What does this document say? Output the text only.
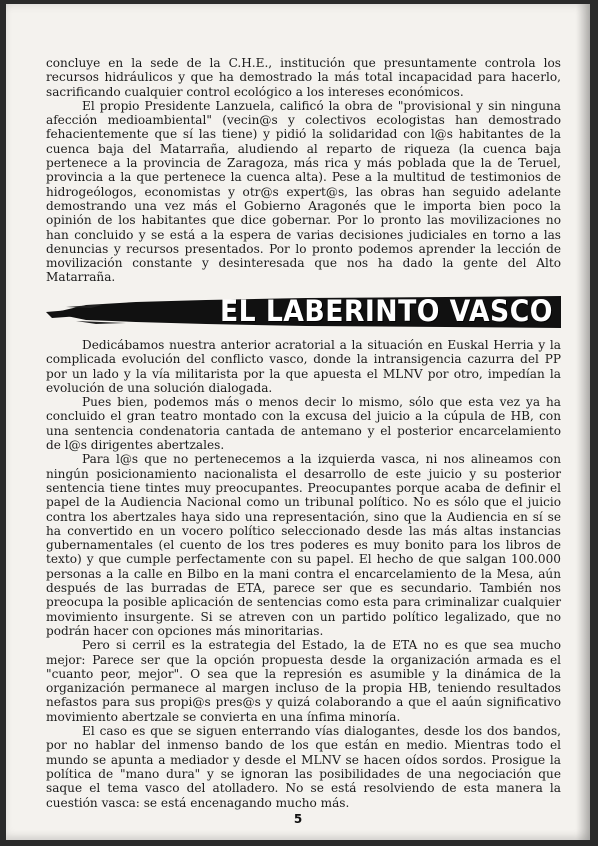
concluye en la sede de la C.H.E., institución que presuntamente controla los recursos hidráulicos y que ha demostrado la más total incapacidad para hacerlo, sacrificando cualquier control ecológico a los intereses económicos.

El propio Presidente Lanzuela, calificó la obra de "provisional y sin ninguna afección medioambiental" (vecin@s y colectivos ecologistas han demostrado fehacientemente que sí las tiene) y pidió la solidaridad con l@s habitantes de la cuenca baja del Matarraña, aludiendo al reparto de riqueza (la cuenca baja pertenece a la provincia de Zaragoza, más rica y más poblada que la de Teruel, provincia a la que pertenece la cuenca alta). Pese a la multitud de testimonios de hidrogeólogos, economistas y otr@s expert@s, las obras han seguido adelante demostrando una vez más el Gobierno Aragonés que le importa bien poco la opinión de los habitantes que dice gobernar. Por lo pronto las movilizaciones no han concluido y se está a la espera de varias decisiones judiciales en torno a las denuncias y recursos presentados. Por lo pronto podemos aprender la lección de movilización constante y desinteresada que nos ha dado la gente del Alto Matarraña.

EL LABERINTO VASCO

Dedicábamos nuestra anterior acratorial a la situación en Euskal Herria y la complicada evolución del conflicto vasco, donde la intransigencia cazurra del PP por un lado y la vía militarista por la que apuesta el MLNV por otro, impedían la evolución de una solución dialogada.

Pues bien, podemos más o menos decir lo mismo, sólo que esta vez ya ha concluido el gran teatro montado con la excusa del juicio a la cúpula de HB, con una sentencia condenatoria cantada de antemano y el posterior encarcelamiento de l@s dirigentes abertzales.

Para l@s que no pertenecemos a la izquierda vasca, ni nos alineamos con ningún posicionamiento nacionalista el desarrollo de este juicio y su posterior sentencia tiene tintes muy preocupantes. Preocupantes porque acaba de definir el papel de la Audiencia Nacional como un tribunal político. No es sólo que el juicio contra los abertzales haya sido una representación, sino que la Audiencia en sí se ha convertido en un vocero político seleccionado desde las más altas instancias gubernamentales (el cuento de los tres poderes es muy bonito para los libros de texto) y que cumple perfectamente con su papel. El hecho de que salgan 100.000 personas a la calle en Bilbo en la mani contra el encarcelamiento de la Mesa, aún después de las burradas de ETA, parece ser que es secundario. También nos preocupa la posible aplicación de sentencias como esta para criminalizar cualquier movimiento insurgente. Si se atreven con un partido político legalizado, que no podrán hacer con opciones más minoritarias.

Pero si cerril es la estrategia del Estado, la de ETA no es que sea mucho mejor: Parece ser que la opción propuesta desde la organización armada es el "cuanto peor, mejor". O sea que la represión es asumible y la dinámica de la organización permanece al margen incluso de la propia HB, teniendo resultados nefastos para sus propi@s pres@s y quizá colaborando a que el aaún significativo movimiento abertzale se convierta en una ínfima minoría.

El caso es que se siguen enterrando vías dialogantes, desde los dos bandos, por no hablar del inmenso bando de los que están en medio. Mientras todo el mundo se apunta a mediador y desde el MLNV se hacen oídos sordos. Prosigue la política de "mano dura" y se ignoran las posibilidades de una negociación que saque el tema vasco del atolladero. No se está resolviendo de esta manera la cuestión vasca: se está encenagando mucho más.

5
